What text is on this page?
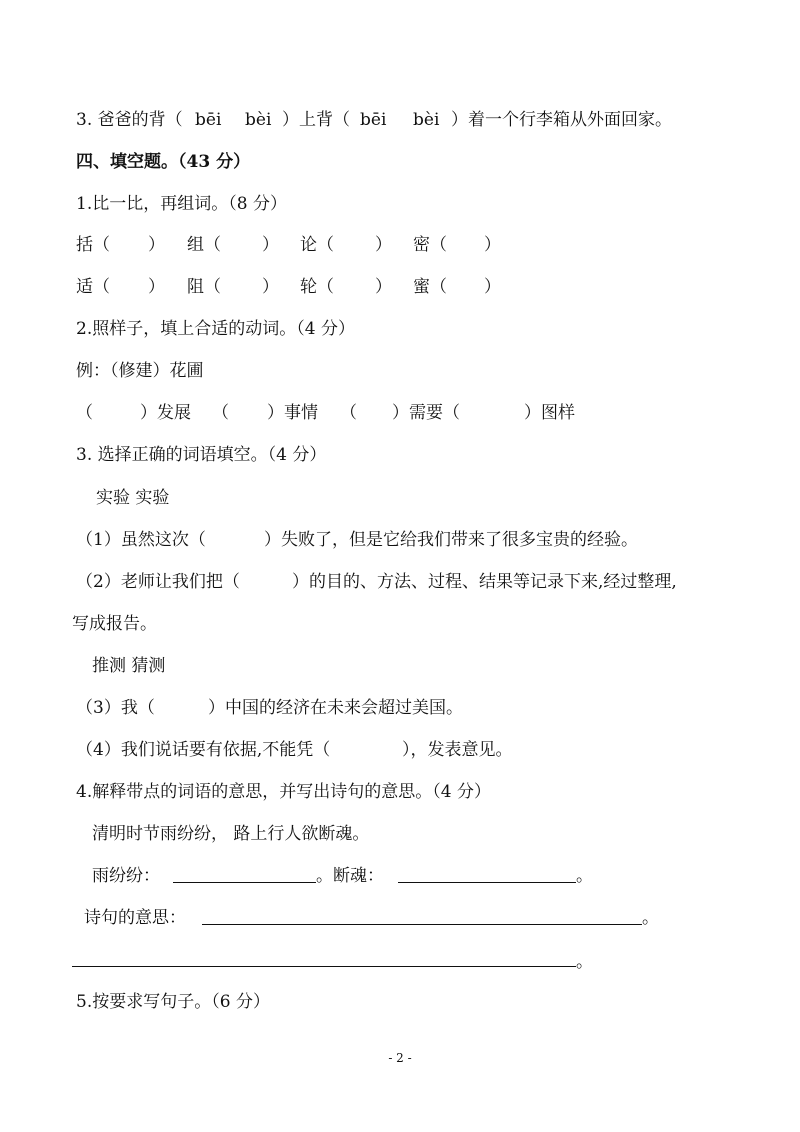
3. 爸爸的背（ bēi bèi ）上背（ bēi bèi ）着一个行李箱从外面回家。
四、填空题。（43 分）
1.比一比，再组词。（8 分）
括（ ） 组（ ） 论（ ） 密（ ）
适（ ） 阻（ ） 轮（ ） 蜜（ ）
2.照样子，填上合适的动词。（4 分）
例：（修建）花圃
（	）发展 （ ）事情 （ ）需要（	）图样
3. 选择正确的词语填空。（4 分）
实验 实验
（1）虽然这次（	）失败了，但是它给我们带来了很多宝贵的经验。
（2）老师让我们把（	）的目的、方法、过程、结果等记录下来,经过整理,
写成报告。
推测 猜测
（3）我（	）中国的经济在未来会超过美国。
（4）我们说话要有依据,不能凭（	），发表意见。
4.解释带点的词语的意思，并写出诗句的意思。（4 分）
清明时节雨纷纷， 路上行人欲断魂。
雨纷纷：	。断魂：	。
诗句的意思：	。
。
5.按要求写句子。（6 分）
- 2 -
